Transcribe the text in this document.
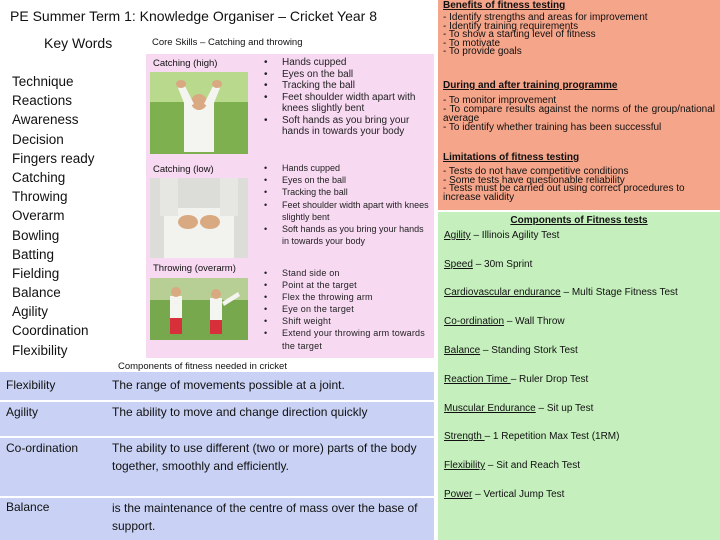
PE Summer Term 1: Knowledge Organiser – Cricket Year 8
Key Words	Core Skills – Catching and throwing
Technique
Reactions
Awareness
Decision
Fingers ready
Catching
Throwing
Overarm
Bowling
Batting
Fielding
Balance
Agility
Coordination
Flexibility
Catching (high)	• Hands cupped
• Eyes on the ball
• Tracking the ball
• Feet shoulder width apart with knees slightly bent
• Soft hands as you bring your hands in towards your body
Catching (low)	• Hands cupped
• Eyes on the ball
• Tracking the ball
• Feet shoulder width apart with knees slightly bent
• Soft hands as you bring your hands in towards your body
Throwing (overarm)	• Stand side on
• Point at the target
• Flex the throwing arm
• Eye on the target
• Shift weight
• Extend your throwing arm towards the target
Components of fitness needed in cricket
Flexibility	The range of movements possible at a joint.
Agility	The ability to move and change direction quickly
Co-ordination	The ability to use different (two or more) parts of the body together, smoothly and efficiently.
Balance	is the maintenance of the centre of mass over the base of support.
Benefits of fitness testing
- Identify strengths and areas for improvement
- Identify training requirements
- To show a starting level of fitness
- To motivate
- To provide goals
During and after training programme
- To monitor improvement
- To compare results against the norms of the group/national average
- To identify whether training has been successful
Limitations of fitness testing
- Tests do not have competitive conditions
- Some tests have questionable reliability
- Tests must be carried out using correct procedures to increase validity
Components of Fitness tests
Agility – Illinois Agility Test
Speed – 30m Sprint
Cardiovascular endurance – Multi Stage Fitness Test
Co-ordination – Wall Throw
Balance – Standing Stork Test
Reaction Time – Ruler Drop Test
Muscular Endurance – Sit up Test
Strength – 1 Repetition Max Test (1RM)
Flexibility – Sit and Reach Test
Power – Vertical Jump Test
